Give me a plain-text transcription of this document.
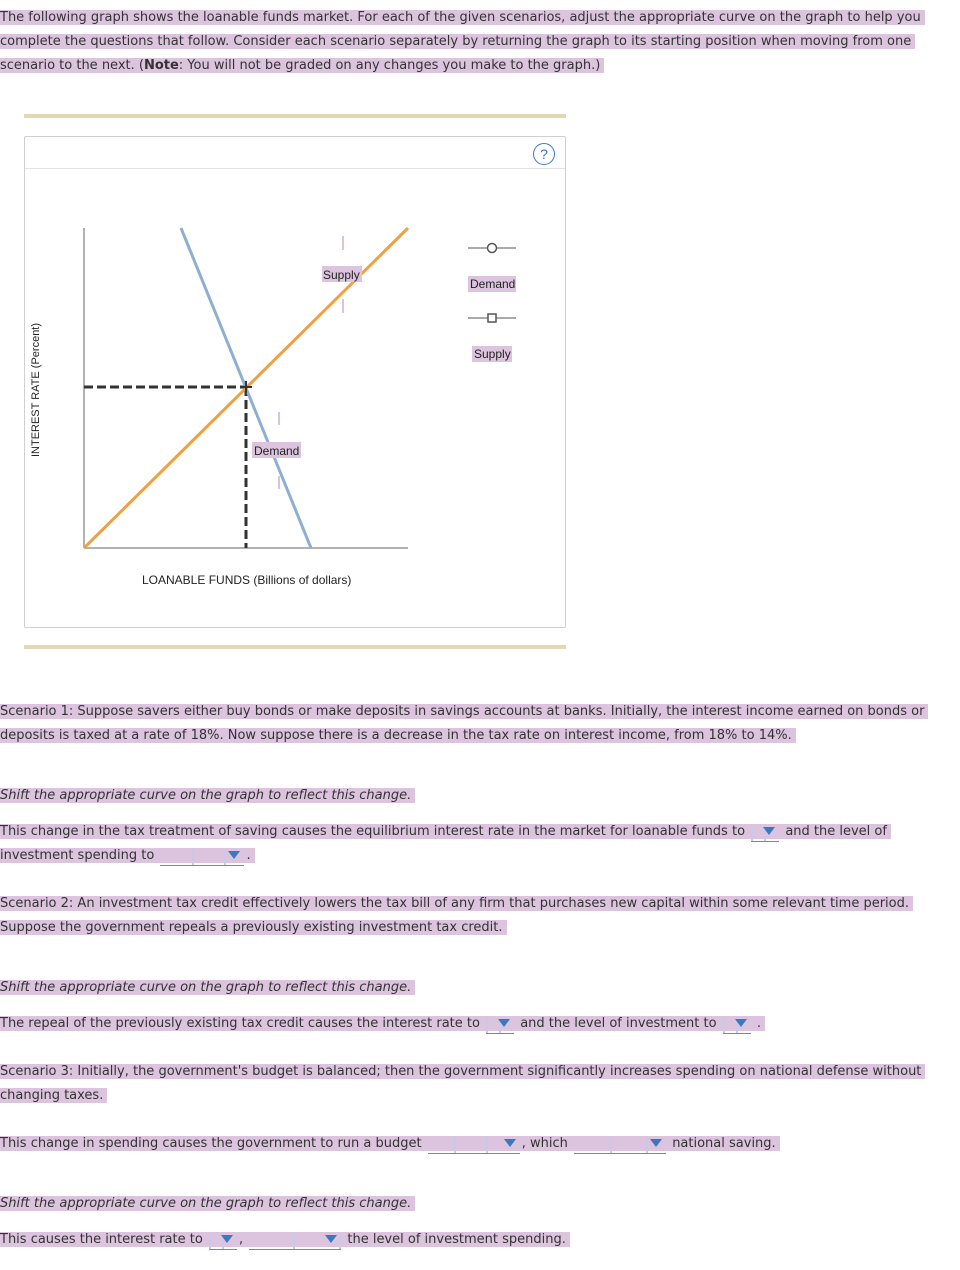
The following graph shows the loanable funds market. For each of the given scenarios, adjust the appropriate curve on the graph to help you complete the questions that follow. Consider each scenario separately by returning the graph to its starting position when moving from one scenario to the next. (Note: You will not be graded on any changes you make to the graph.)

?
Supply
Demand
Demand
Supply
INTEREST RATE (Percent)
LOANABLE FUNDS (Billions of dollars)

Scenario 1: Suppose savers either buy bonds or make deposits in savings accounts at banks. Initially, the interest income earned on bonds or deposits is taxed at a rate of 18%. Now suppose there is a decrease in the tax rate on interest income, from 18% to 14%.

Shift the appropriate curve on the graph to reflect this change.

This change in the tax treatment of saving causes the equilibrium interest rate in the market for loanable funds to	and the level of investment spending to	.

Scenario 2: An investment tax credit effectively lowers the tax bill of any firm that purchases new capital within some relevant time period. Suppose the government repeals a previously existing investment tax credit.

Shift the appropriate curve on the graph to reflect this change.

The repeal of the previously existing tax credit causes the interest rate to	and the level of investment to	.

Scenario 3: Initially, the government's budget is balanced; then the government significantly increases spending on national defense without changing taxes.

This change in spending causes the government to run a budget	, which	national saving.

Shift the appropriate curve on the graph to reflect this change.

This causes the interest rate to	,	the level of investment spending.
